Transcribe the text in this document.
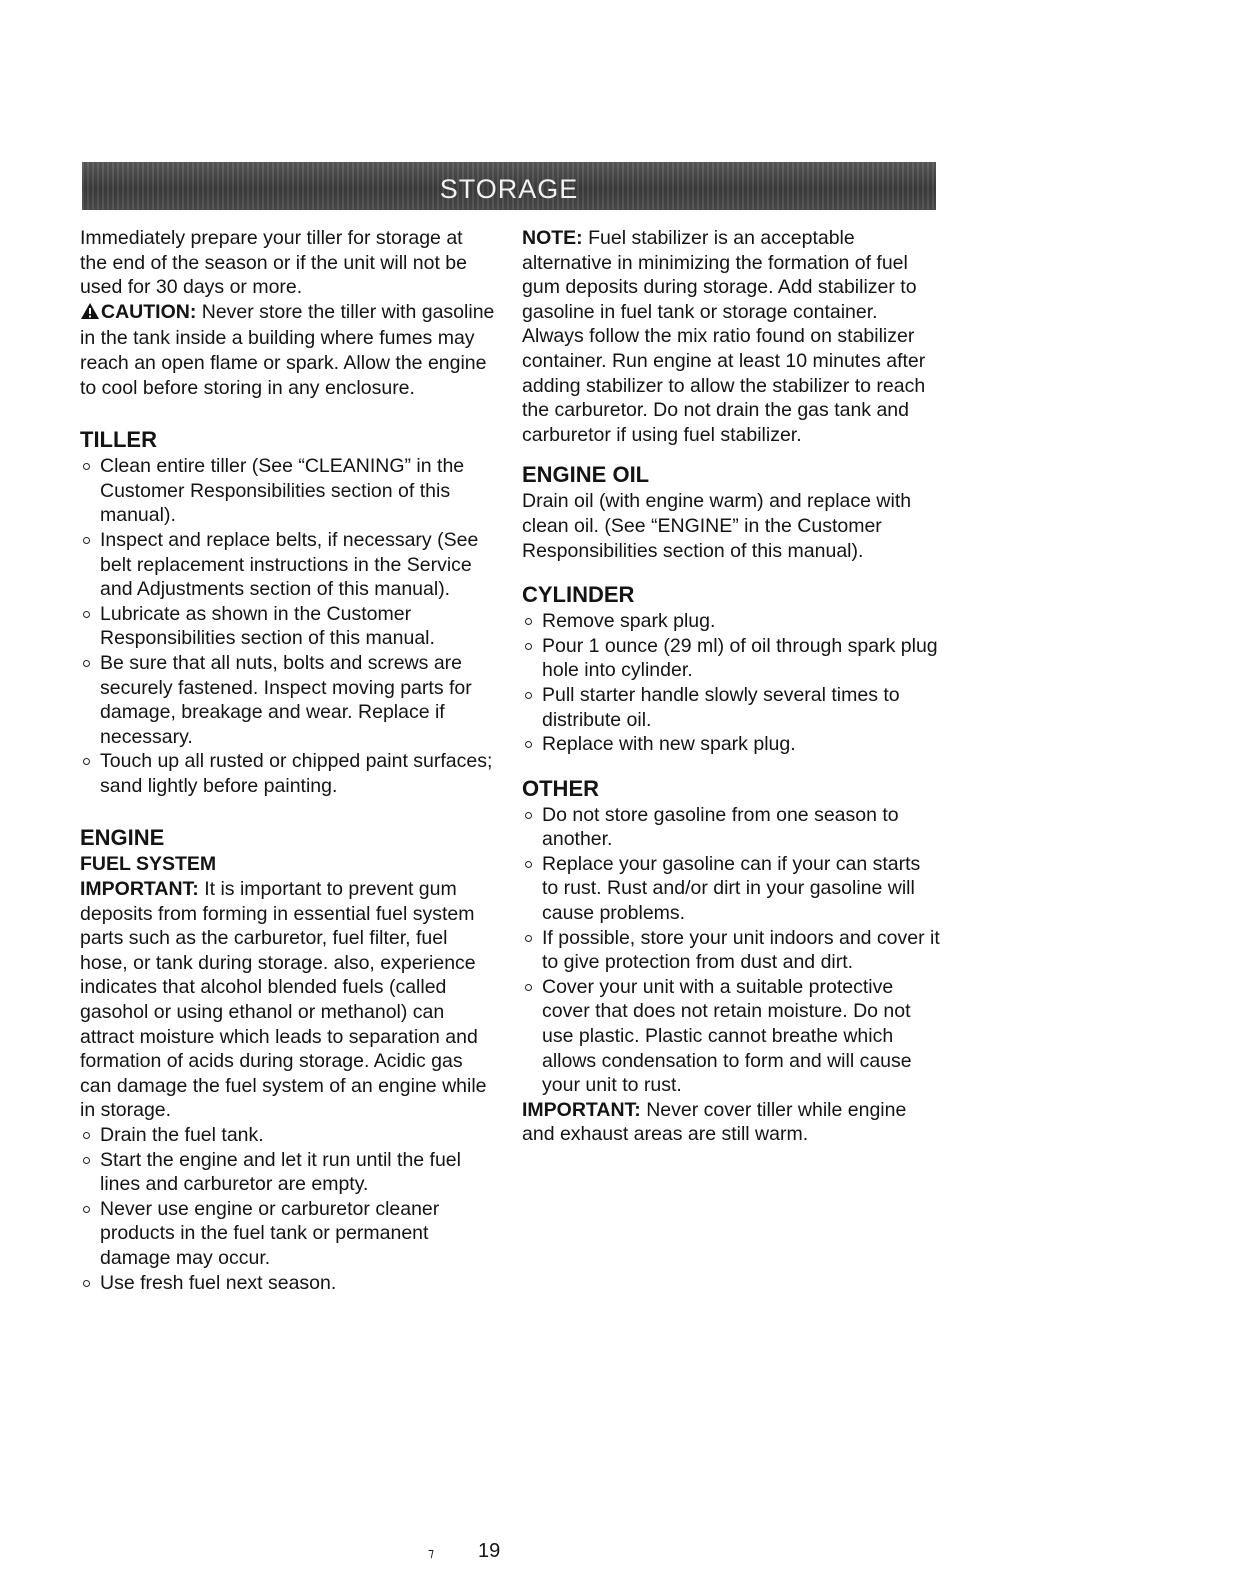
STORAGE

Immediately prepare your tiller for storage at the end of the season or if the unit will not be used for 30 days or more.

CAUTION: Never store the tiller with gasoline in the tank inside a building where fumes may reach an open flame or spark. Allow the engine to cool before storing in any enclosure.

TILLER

Clean entire tiller (See “CLEANING” in the Customer Responsibilities section of this manual).
Inspect and replace belts, if necessary (See belt replacement instructions in the Service and Adjustments section of this manual).
Lubricate as shown in the Customer Responsibilities section of this manual.
Be sure that all nuts, bolts and screws are securely fastened. Inspect moving parts for damage, breakage and wear. Replace if necessary.
Touch up all rusted or chipped paint surfaces; sand lightly before painting.

ENGINE

FUEL SYSTEM

IMPORTANT: It is important to prevent gum deposits from forming in essential fuel system parts such as the carburetor, fuel filter, fuel hose, or tank during storage. also, experience indicates that alcohol blended fuels (called gasohol or using ethanol or methanol) can attract moisture which leads to separation and formation of acids during storage. Acidic gas can damage the fuel system of an engine while in storage.

Drain the fuel tank.
Start the engine and let it run until the fuel lines and carburetor are empty.
Never use engine or carburetor cleaner products in the fuel tank or permanent damage may occur.
Use fresh fuel next season.

NOTE: Fuel stabilizer is an acceptable alternative in minimizing the formation of fuel gum deposits during storage. Add stabilizer to gasoline in fuel tank or storage container. Always follow the mix ratio found on stabilizer container. Run engine at least 10 minutes after adding stabilizer to allow the stabilizer to reach the carburetor. Do not drain the gas tank and carburetor if using fuel stabilizer.

ENGINE OIL

Drain oil (with engine warm) and replace with clean oil. (See “ENGINE” in the Customer Responsibilities section of this manual).

CYLINDER

Remove spark plug.
Pour 1 ounce (29 ml) of oil through spark plug hole into cylinder.
Pull starter handle slowly several times to distribute oil.
Replace with new spark plug.

OTHER

Do not store gasoline from one season to another.
Replace your gasoline can if your can starts to rust. Rust and/or dirt in your gasoline will cause problems.
If possible, store your unit indoors and cover it to give protection from dust and dirt.
Cover your unit with a suitable protective cover that does not retain moisture. Do not use plastic. Plastic cannot breathe which allows condensation to form and will cause your unit to rust.

IMPORTANT: Never cover tiller while engine and exhaust areas are still warm.

⁊ 19
